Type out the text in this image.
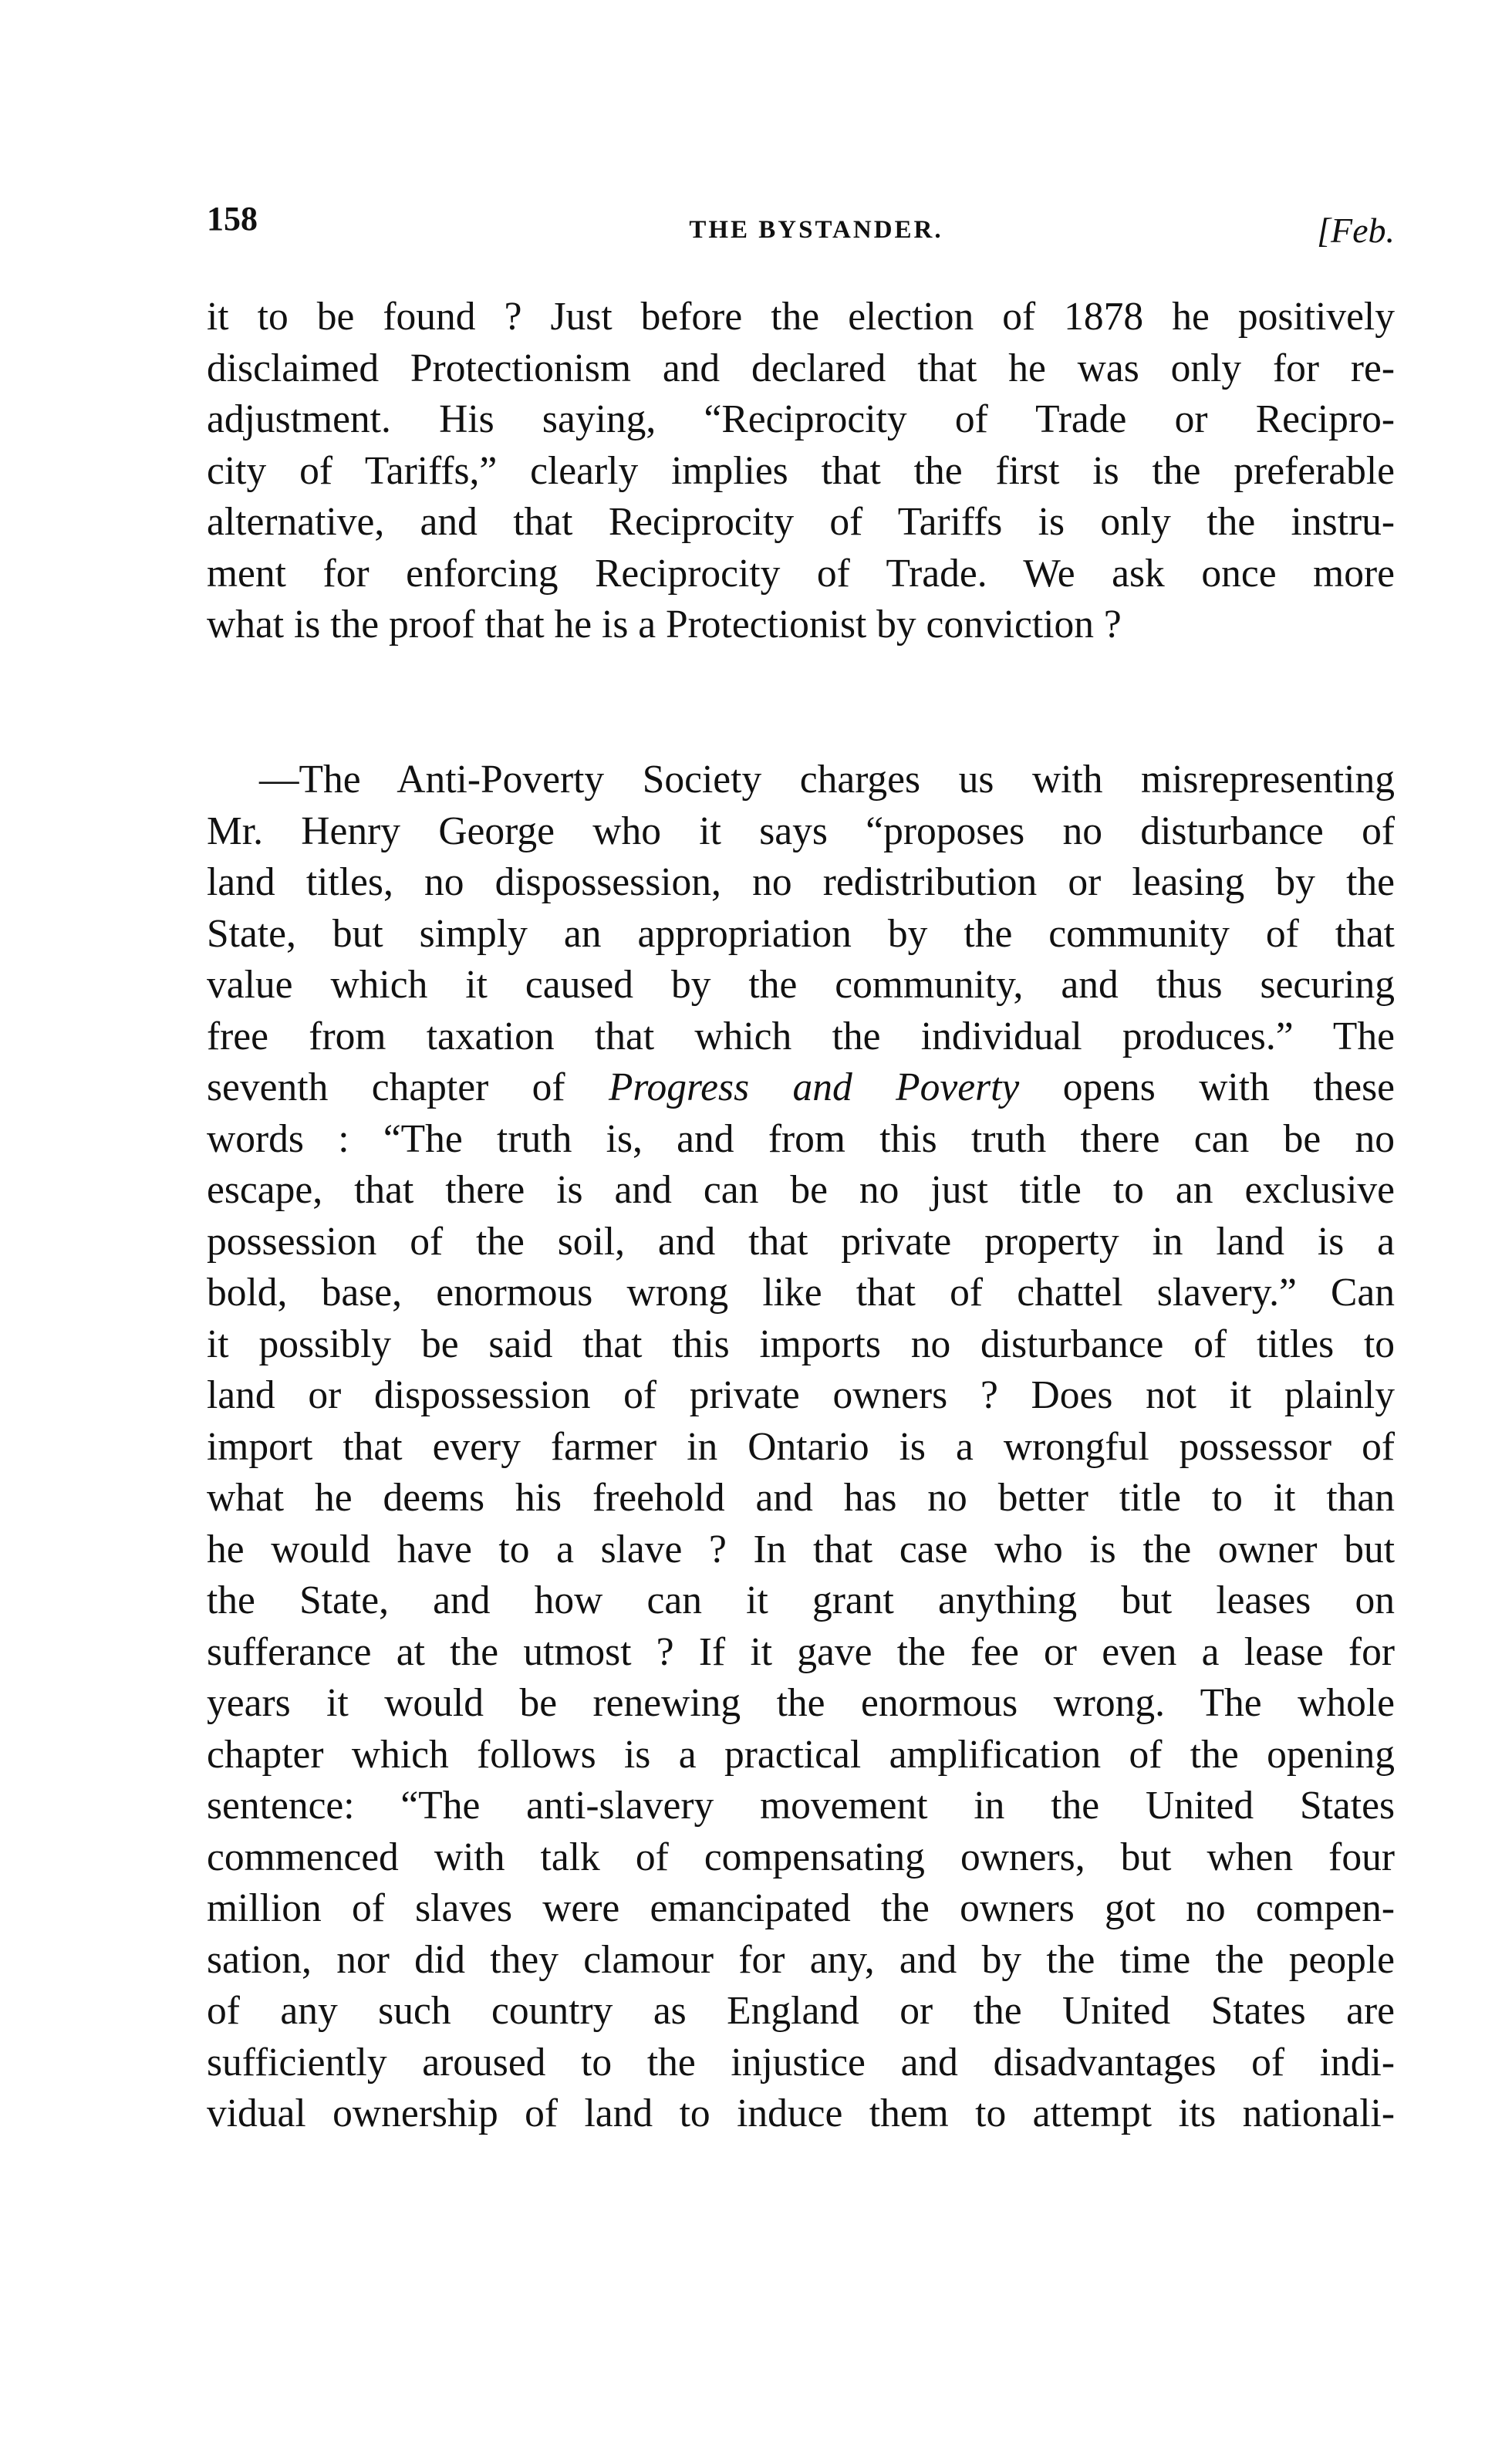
158	THE BYSTANDER.	[Feb.
it to be found ? Just before the election of 1878 he positively
disclaimed Protectionism and declared that he was only for re-
adjustment. His saying, “Reciprocity of Trade or Recipro-
city of Tariffs,” clearly implies that the first is the preferable
alternative, and that Reciprocity of Tariffs is only the instru-
ment for enforcing Reciprocity of Trade. We ask once more
what is the proof that he is a Protectionist by conviction ?
—The Anti-Poverty Society charges us with misrepresenting
Mr. Henry George who it says “proposes no disturbance of
land titles, no dispossession, no redistribution or leasing by the
State, but simply an appropriation by the community of that
value which it caused by the community, and thus securing
free from taxation that which the individual produces.” The
seventh chapter of Progress and Poverty opens with these
words : “The truth is, and from this truth there can be no
escape, that there is and can be no just title to an exclusive
possession of the soil, and that private property in land is a
bold, base, enormous wrong like that of chattel slavery.” Can
it possibly be said that this imports no disturbance of titles to
land or dispossession of private owners ? Does not it plainly
import that every farmer in Ontario is a wrongful possessor of
what he deems his freehold and has no better title to it than
he would have to a slave ? In that case who is the owner but
the State, and how can it grant anything but leases on
sufferance at the utmost ? If it gave the fee or even a lease for
years it would be renewing the enormous wrong. The whole
chapter which follows is a practical amplification of the opening
sentence: “The anti-slavery movement in the United States
commenced with talk of compensating owners, but when four
million of slaves were emancipated the owners got no compen-
sation, nor did they clamour for any, and by the time the people
of any such country as England or the United States are
sufficiently aroused to the injustice and disadvantages of indi-
vidual ownership of land to induce them to attempt its nationali-
